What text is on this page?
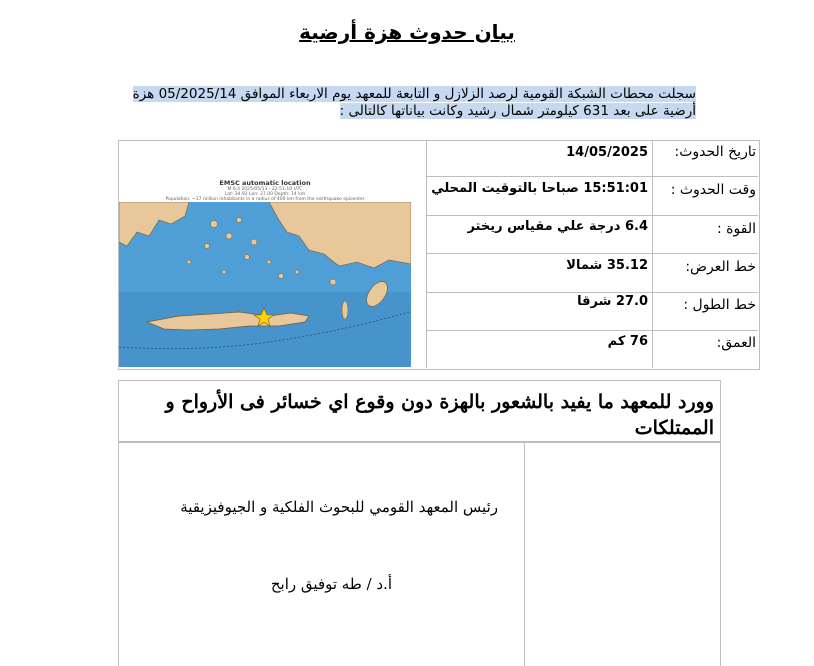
بيان حدوث هزة أرضية
سجلت محطات الشبكة القومية لرصد الزلازل و التابعة للمعهد يوم الاربعاء الموافق 05/2025/14 هزة
أرضية على بعد 631 كيلومتر شمال رشيد وكانت بياناتها كالتالى :
تاريخ الحدوث:
14/05/2025
وقت الحدوث :
15:51:01 صباحا بالتوقيت المحلي
القوة :
6.4 درجة علي مقياس ريختر
خط العرض:
35.12 شمالا
خط الطول :
27.0 شرقا
العمق:
76 كم
EMSC automatic location
M 6.4 2025/05/13 - 22:51:10 UTC
Lat: 34.92 Lon: 27.00 Depth: 14 km
Population: ~17 million inhabitants in a radius of 400 km from the earthquake epicenter
وورد للمعهد ما يفيد بالشعور بالهزة دون وقوع اي خسائر فى الأرواح و الممتلكات
رئيس المعهد القومي للبحوث الفلكية و الجيوفيزيقية
أ.د / طه توفيق رابح
